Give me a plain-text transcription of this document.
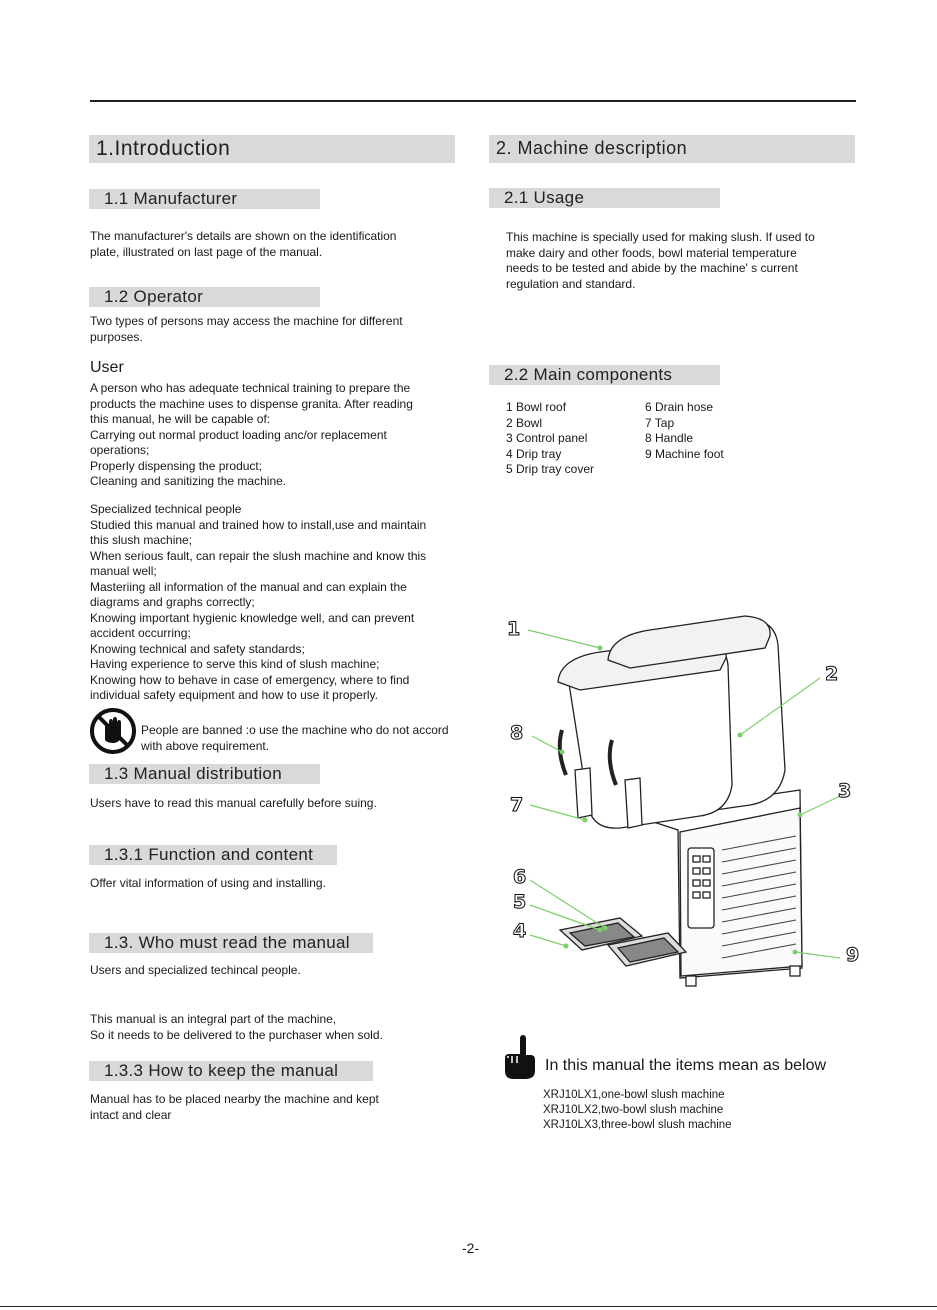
1.Introduction
1.1 Manufacturer

The manufacturer's details are shown on the identification

plate, illustrated on last page of the manual.

1.2 Operator

Two types of persons may access the machine for different

purposes.

User

A person who has adequate technical training to prepare the

products the machine uses to dispense granita. After reading

this manual, he will be capable of:

Carrying out normal product loading anc/or replacement

operations;

Properly dispensing the product;

Cleaning and sanitizing the machine.

Specialized technical people

Studied this manual and trained how to install,use and maintain

this slush machine;

When serious fault, can repair the slush machine and know this

manual well;

Masteriing all information of the manual and can explain the

diagrams and graphs correctly;

Knowing important hygienic knowledge well, and can prevent

accident occurring;

Knowing technical and safety standards;

Having experience to serve this kind of slush machine;

Knowing how to behave in case of emergency, where to find

individual safety equipment and how to use it properly.

People are banned :o use the machine who do not accord

with above requirement.

1.3 Manual distribution

Users have to read this manual carefully before suing.

1.3.1 Function and content

Offer vital information of using and installing.

1.3. Who must read the manual

Users and specialized techincal people.

This manual is an integral part of the machine,

So it needs to be delivered to the purchaser when sold.

1.3.3 How to keep the manual

Manual has to be placed nearby the machine and kept

intact and clear

2. Machine description
2.1 Usage

This machine is specially used for making slush. If used to

make dairy and other foods, bowl material temperature

needs to be tested and abide by the machine' s current

regulation and standard.

2.2 Main components
1 Bowl roof
2 Bowl
3 Control panel
4 Drip tray
5 Drip tray cover
6 Drain hose
7 Tap
8 Handle
9 Machine foot
1
2
3
4
5
6
7
8
9
In this manual the items mean as below

XRJ10LX1,one-bowl slush machine

XRJ10LX2,two-bowl slush machine

XRJ10LX3,three-bowl slush machine

-2-
